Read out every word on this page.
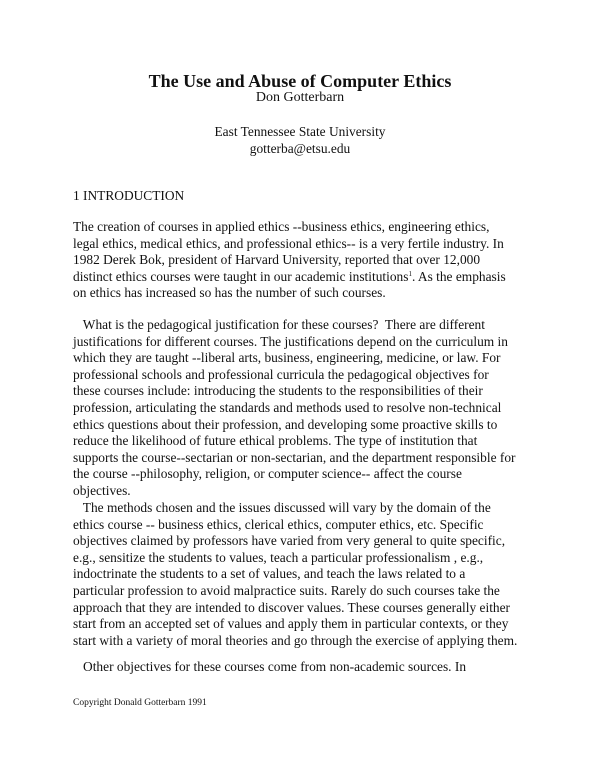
The Use and Abuse of Computer Ethics
Don Gotterbarn
East Tennessee State University
gotterba@etsu.edu
1 INTRODUCTION
The creation of courses in applied ethics --business ethics, engineering ethics,
legal ethics, medical ethics, and professional ethics-- is a very fertile industry. In
1982 Derek Bok, president of Harvard University, reported that over 12,000
distinct ethics courses were taught in our academic institutions$^1$. As the emphasis
on ethics has increased so has the number of such courses.
What is the pedagogical justification for these courses?  There are different
justifications for different courses. The justifications depend on the curriculum in
which they are taught --liberal arts, business, engineering, medicine, or law. For
professional schools and professional curricula the pedagogical objectives for
these courses include: introducing the students to the responsibilities of their
profession, articulating the standards and methods used to resolve non-technical
ethics questions about their profession, and developing some proactive skills to
reduce the likelihood of future ethical problems. The type of institution that
supports the course--sectarian or non-sectarian, and the department responsible for
the course --philosophy, religion, or computer science-- affect the course
objectives.
The methods chosen and the issues discussed will vary by the domain of the
ethics course -- business ethics, clerical ethics, computer ethics, etc. Specific
objectives claimed by professors have varied from very general to quite specific,
e.g., sensitize the students to values, teach a particular professionalism , e.g.,
indoctrinate the students to a set of values, and teach the laws related to a
particular profession to avoid malpractice suits. Rarely do such courses take the
approach that they are intended to discover values. These courses generally either
start from an accepted set of values and apply them in particular contexts, or they
start with a variety of moral theories and go through the exercise of applying them.
Other objectives for these courses come from non-academic sources. In
Copyright Donald Gotterbarn 1991
